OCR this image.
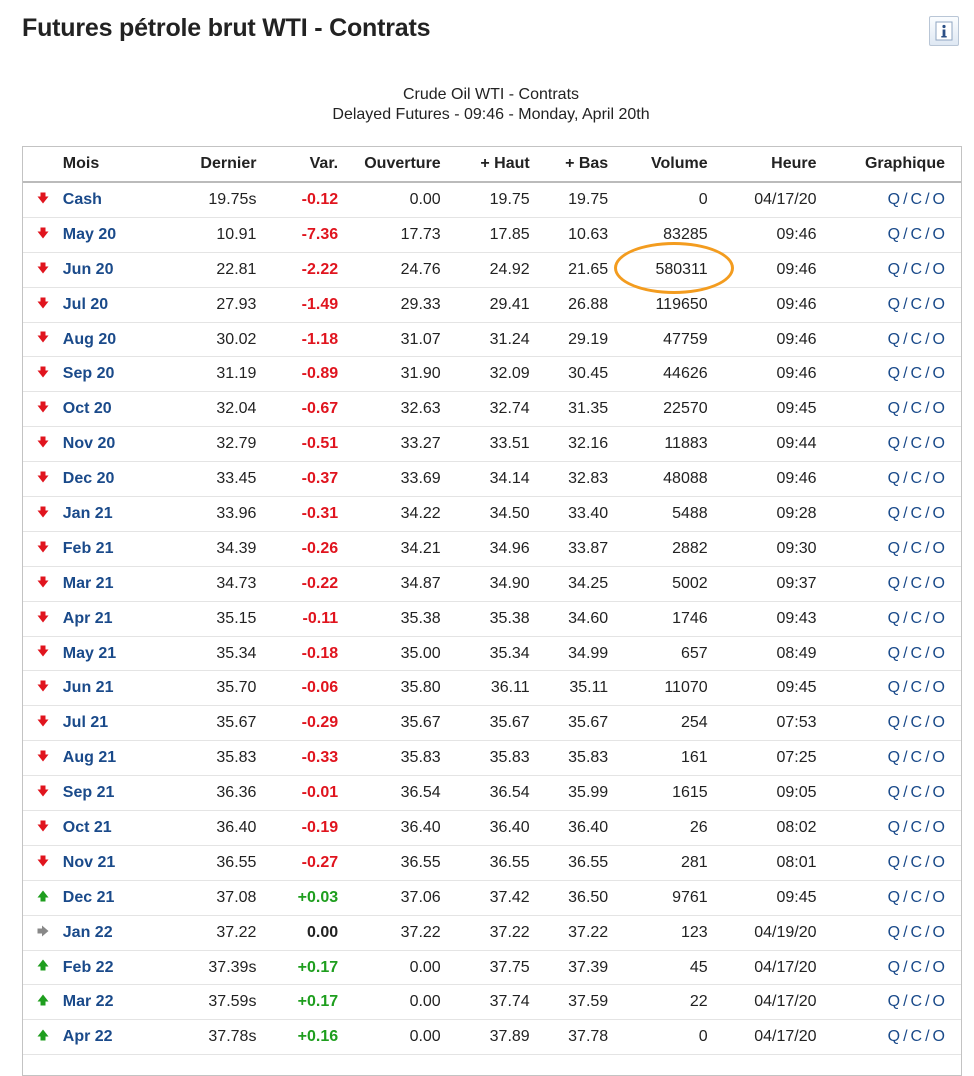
Futures pétrole brut WTI - Contrats
Crude Oil WTI - Contrats
Delayed Futures - 09:46 - Monday, April 20th
	Mois	Dernier	Var.	Ouverture	+ Haut	+ Bas	Volume	Heure	Graphique
	Cash	19.75s	-0.12	0.00	19.75	19.75	0	04/17/20	Q / C / O
	May 20	10.91	-7.36	17.73	17.85	10.63	83285	09:46	Q / C / O
	Jun 20	22.81	-2.22	24.76	24.92	21.65	580311	09:46	Q / C / O
	Jul 20	27.93	-1.49	29.33	29.41	26.88	119650	09:46	Q / C / O
	Aug 20	30.02	-1.18	31.07	31.24	29.19	47759	09:46	Q / C / O
	Sep 20	31.19	-0.89	31.90	32.09	30.45	44626	09:46	Q / C / O
	Oct 20	32.04	-0.67	32.63	32.74	31.35	22570	09:45	Q / C / O
	Nov 20	32.79	-0.51	33.27	33.51	32.16	11883	09:44	Q / C / O
	Dec 20	33.45	-0.37	33.69	34.14	32.83	48088	09:46	Q / C / O
	Jan 21	33.96	-0.31	34.22	34.50	33.40	5488	09:28	Q / C / O
	Feb 21	34.39	-0.26	34.21	34.96	33.87	2882	09:30	Q / C / O
	Mar 21	34.73	-0.22	34.87	34.90	34.25	5002	09:37	Q / C / O
	Apr 21	35.15	-0.11	35.38	35.38	34.60	1746	09:43	Q / C / O
	May 21	35.34	-0.18	35.00	35.34	34.99	657	08:49	Q / C / O
	Jun 21	35.70	-0.06	35.80	36.11	35.11	11070	09:45	Q / C / O
	Jul 21	35.67	-0.29	35.67	35.67	35.67	254	07:53	Q / C / O
	Aug 21	35.83	-0.33	35.83	35.83	35.83	161	07:25	Q / C / O
	Sep 21	36.36	-0.01	36.54	36.54	35.99	1615	09:05	Q / C / O
	Oct 21	36.40	-0.19	36.40	36.40	36.40	26	08:02	Q / C / O
	Nov 21	36.55	-0.27	36.55	36.55	36.55	281	08:01	Q / C / O
	Dec 21	37.08	+0.03	37.06	37.42	36.50	9761	09:45	Q / C / O
	Jan 22	37.22	0.00	37.22	37.22	37.22	123	04/19/20	Q / C / O
	Feb 22	37.39s	+0.17	0.00	37.75	37.39	45	04/17/20	Q / C / O
	Mar 22	37.59s	+0.17	0.00	37.74	37.59	22	04/17/20	Q / C / O
	Apr 22	37.78s	+0.16	0.00	37.89	37.78	0	04/17/20	Q / C / O
